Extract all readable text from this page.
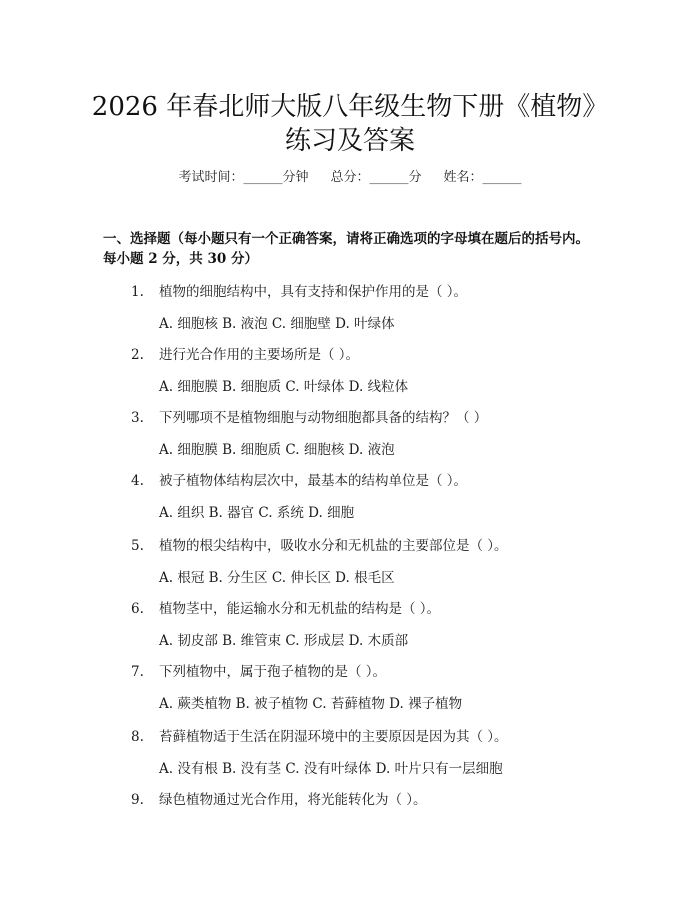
2026 年春北师大版八年级生物下册《植物》
练习及答案
考试时间：______分钟 总分：______分 姓名：______
一、选择题（每小题只有一个正确答案，请将正确选项的字母填在题后的括号内。每小题 2 分，共 30 分）
1. 植物的细胞结构中，具有支持和保护作用的是（ ）。
A. 细胞核 B. 液泡 C. 细胞壁 D. 叶绿体
2. 进行光合作用的主要场所是（ ）。
A. 细胞膜 B. 细胞质 C. 叶绿体 D. 线粒体
3. 下列哪项不是植物细胞与动物细胞都具备的结构？（ ）
A. 细胞膜 B. 细胞质 C. 细胞核 D. 液泡
4. 被子植物体结构层次中，最基本的结构单位是（ ）。
A. 组织 B. 器官 C. 系统 D. 细胞
5. 植物的根尖结构中，吸收水分和无机盐的主要部位是（ ）。
A. 根冠 B. 分生区 C. 伸长区 D. 根毛区
6. 植物茎中，能运输水分和无机盐的结构是（ ）。
A. 韧皮部 B. 维管束 C. 形成层 D. 木质部
7. 下列植物中，属于孢子植物的是（ ）。
A. 蕨类植物 B. 被子植物 C. 苔藓植物 D. 裸子植物
8. 苔藓植物适于生活在阴湿环境中的主要原因是因为其（ ）。
A. 没有根 B. 没有茎 C. 没有叶绿体 D. 叶片只有一层细胞
9. 绿色植物通过光合作用，将光能转化为（ ）。
